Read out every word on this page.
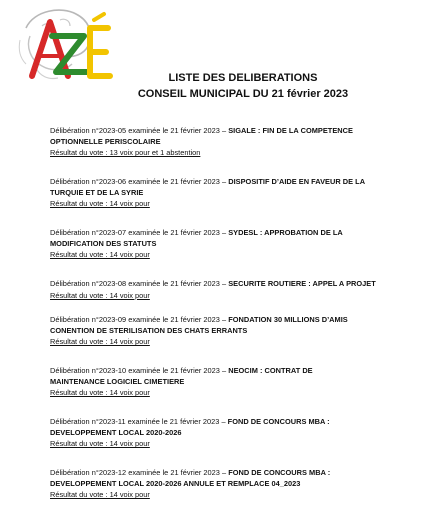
LISTE DES DELIBERATIONS

CONSEIL MUNICIPAL DU 21 février 2023

Délibération n°2023-05 examinée le 21 février 2023 – SIGALE : FIN DE LA COMPETENCE
OPTIONNELLE PERISCOLAIRE

Résultat du vote : 13 voix pour et 1 abstention

Délibération n°2023-06 examinée le 21 février 2023 – DISPOSITIF D’AIDE EN FAVEUR DE LA
TURQUIE ET DE LA SYRIE

Résultat du vote : 14 voix pour

Délibération n°2023-07 examinée le 21 février 2023 – SYDESL : APPROBATION DE LA
MODIFICATION DES STATUTS

Résultat du vote : 14 voix pour

Délibération n°2023-08 examinée le 21 février 2023 – SECURITE ROUTIERE : APPEL A PROJET

Résultat du vote : 14 voix pour

Délibération n°2023-09 examinée le 21 février 2023 – FONDATION 30 MILLIONS D’AMIS
CONENTION DE STERILISATION DES CHATS ERRANTS

Résultat du vote : 14 voix pour

Délibération n°2023-10 examinée le 21 février 2023 – NEOCIM : CONTRAT DE
MAINTENANCE LOGICIEL CIMETIERE

Résultat du vote : 14 voix pour

Délibération n°2023-11 examinée le 21 février 2023 – FOND DE CONCOURS MBA :
DEVELOPPEMENT LOCAL 2020-2026

Résultat du vote : 14 voix pour

Délibération n°2023-12 examinée le 21 février 2023 – FOND DE CONCOURS MBA :
DEVELOPPEMENT LOCAL 2020-2026 ANNULE ET REMPLACE 04_2023

Résultat du vote : 14 voix pour
